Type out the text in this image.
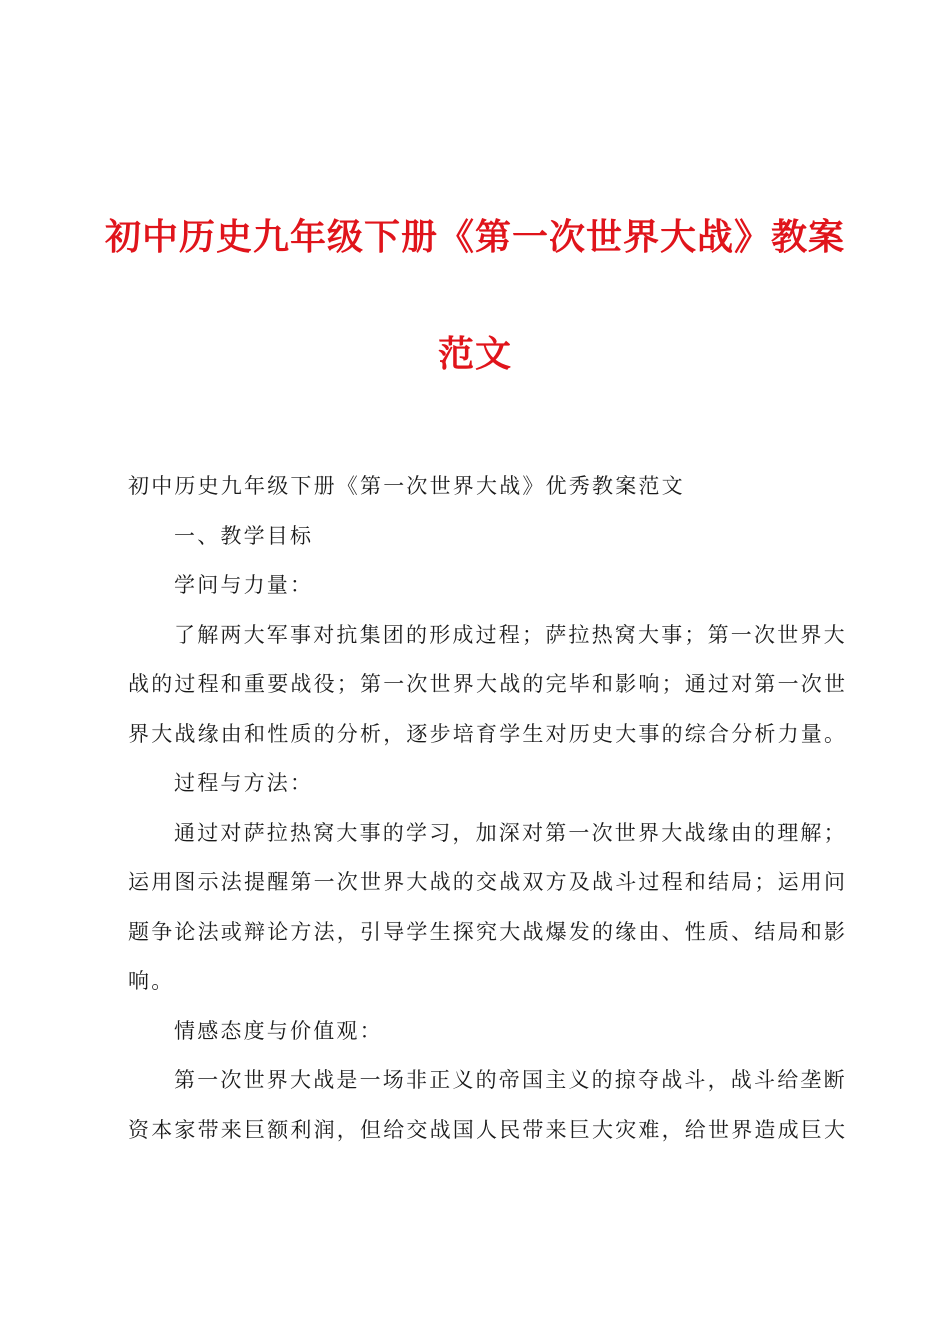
初中历史九年级下册《第一次世界大战》教案
范文
初中历史九年级下册《第一次世界大战》优秀教案范文
一、教学目标
学问与力量：
了解两大军事对抗集团的形成过程；萨拉热窝大事；第一次世界大
战的过程和重要战役；第一次世界大战的完毕和影响；通过对第一次世
界大战缘由和性质的分析，逐步培育学生对历史大事的综合分析力量。
过程与方法：
通过对萨拉热窝大事的学习，加深对第一次世界大战缘由的理解；
运用图示法提醒第一次世界大战的交战双方及战斗过程和结局；运用问
题争论法或辩论方法，引导学生探究大战爆发的缘由、性质、结局和影
响。
情感态度与价值观：
第一次世界大战是一场非正义的帝国主义的掠夺战斗，战斗给垄断
资本家带来巨额利润，但给交战国人民带来巨大灾难，给世界造成巨大
